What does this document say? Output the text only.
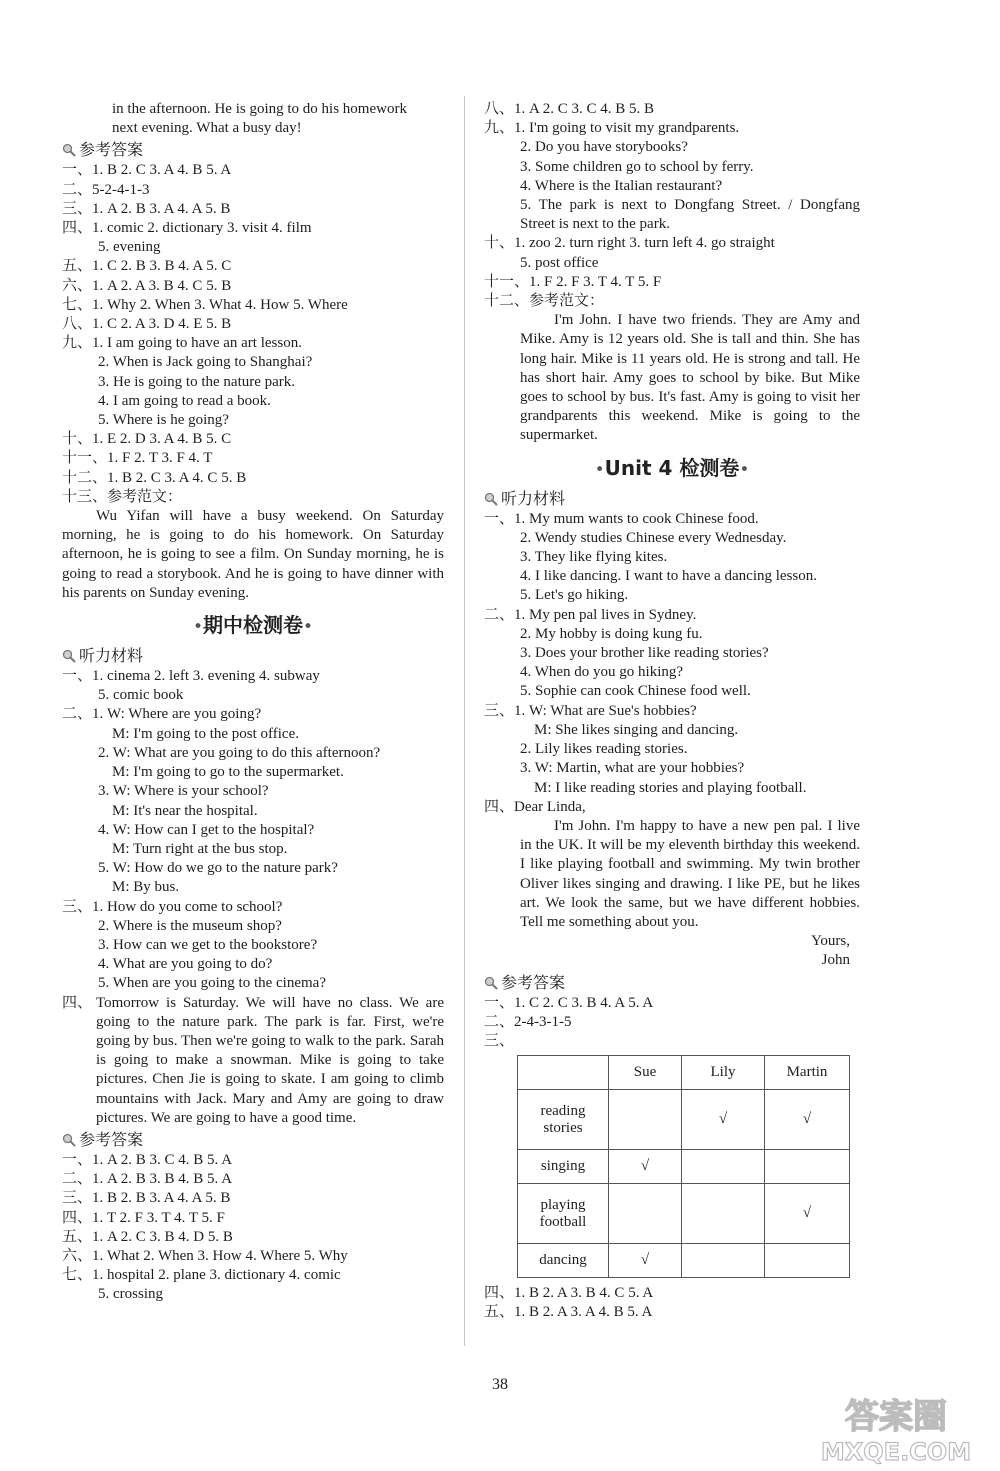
in the afternoon. He is going to do his homework
next evening. What a busy day!
参考答案
一、1. B 2. C 3. A 4. B 5. A
二、5-2-4-1-3
三、1. A 2. B 3. A 4. A 5. B
四、1. comic 2. dictionary 3. visit 4. film
5. evening
五、1. C 2. B 3. B 4. A 5. C
六、1. A 2. A 3. B 4. C 5. B
七、1. Why 2. When 3. What 4. How 5. Where
八、1. C 2. A 3. D 4. E 5. B
九、1. I am going to have an art lesson.
2. When is Jack going to Shanghai?
3. He is going to the nature park.
4. I am going to read a book.
5. Where is he going?
十、1. E 2. D 3. A 4. B 5. C
十一、1. F 2. T 3. F 4. T
十二、1. B 2. C 3. A 4. C 5. B
十三、参考范文：
Wu Yifan will have a busy weekend. On Saturday morning, he is going to do his homework. On Saturday afternoon, he is going to see a film. On Sunday morning, he is going to read a storybook. And he is going to have dinner with his parents on Sunday evening.
•期中检测卷•
听力材料
一、1. cinema 2. left 3. evening 4. subway
5. comic book
二、1. W: Where are you going?
M: I'm going to the post office.
2. W: What are you going to do this afternoon?
M: I'm going to go to the supermarket.
3. W: Where is your school?
M: It's near the hospital.
4. W: How can I get to the hospital?
M: Turn right at the bus stop.
5. W: How do we go to the nature park?
M: By bus.
三、1. How do you come to school?
2. Where is the museum shop?
3. How can we get to the bookstore?
4. What are you going to do?
5. When are you going to the cinema?
四、 Tomorrow is Saturday. We will have no class. We are going to the nature park. The park is far. First, we're going by bus. Then we're going to walk to the park. Sarah is going to make a snowman. Mike is going to take pictures. Chen Jie is going to skate. I am going to climb mountains with Jack. Mary and Amy are going to draw pictures. We are going to have a good time.
参考答案
一、1. A 2. B 3. C 4. B 5. A
二、1. A 2. B 3. B 4. B 5. A
三、1. B 2. B 3. A 4. A 5. B
四、1. T 2. F 3. T 4. T 5. F
五、1. A 2. C 3. B 4. D 5. B
六、1. What 2. When 3. How 4. Where 5. Why
七、1. hospital 2. plane 3. dictionary 4. comic
5. crossing
八、1. A 2. C 3. C 4. B 5. B
九、1. I'm going to visit my grandparents.
2. Do you have storybooks?
3. Some children go to school by ferry.
4. Where is the Italian restaurant?
5. The park is next to Dongfang Street. / Dongfang Street is next to the park.
十、1. zoo 2. turn right 3. turn left 4. go straight
5. post office
十一、1. F 2. F 3. T 4. T 5. F
十二、参考范文：
I'm John. I have two friends. They are Amy and Mike. Amy is 12 years old. She is tall and thin. She has long hair. Mike is 11 years old. He is strong and tall. He has short hair. Amy goes to school by bike. But Mike goes to school by bus. It's fast. Amy is going to visit her grandparents this weekend. Mike is going to the supermarket.
•Unit 4 检测卷•
听力材料
一、1. My mum wants to cook Chinese food.
2. Wendy studies Chinese every Wednesday.
3. They like flying kites.
4. I like dancing. I want to have a dancing lesson.
5. Let's go hiking.
二、1. My pen pal lives in Sydney.
2. My hobby is doing kung fu.
3. Does your brother like reading stories?
4. When do you go hiking?
5. Sophie can cook Chinese food well.
三、1. W: What are Sue's hobbies?
M: She likes singing and dancing.
2. Lily likes reading stories.
3. W: Martin, what are your hobbies?
M: I like reading stories and playing football.
四、Dear Linda,
I'm John. I'm happy to have a new pen pal. I live in the UK. It will be my eleventh birthday this weekend. I like playing football and swimming. My twin brother Oliver likes singing and drawing. I like PE, but he likes art. We look the same, but we have different hobbies. Tell me something about you.
Yours,
John
参考答案
一、1. C 2. C 3. B 4. A 5. A
二、2-4-3-1-5
三、
	Sue	Lily	Martin

reading
stories		√	√
singing	√		

playing
football			√
dancing	√		
四、1. B 2. A 3. B 4. C 5. A
五、1. B 2. A 3. A 4. B 5. A
38
答案圈
MXQE.COM
